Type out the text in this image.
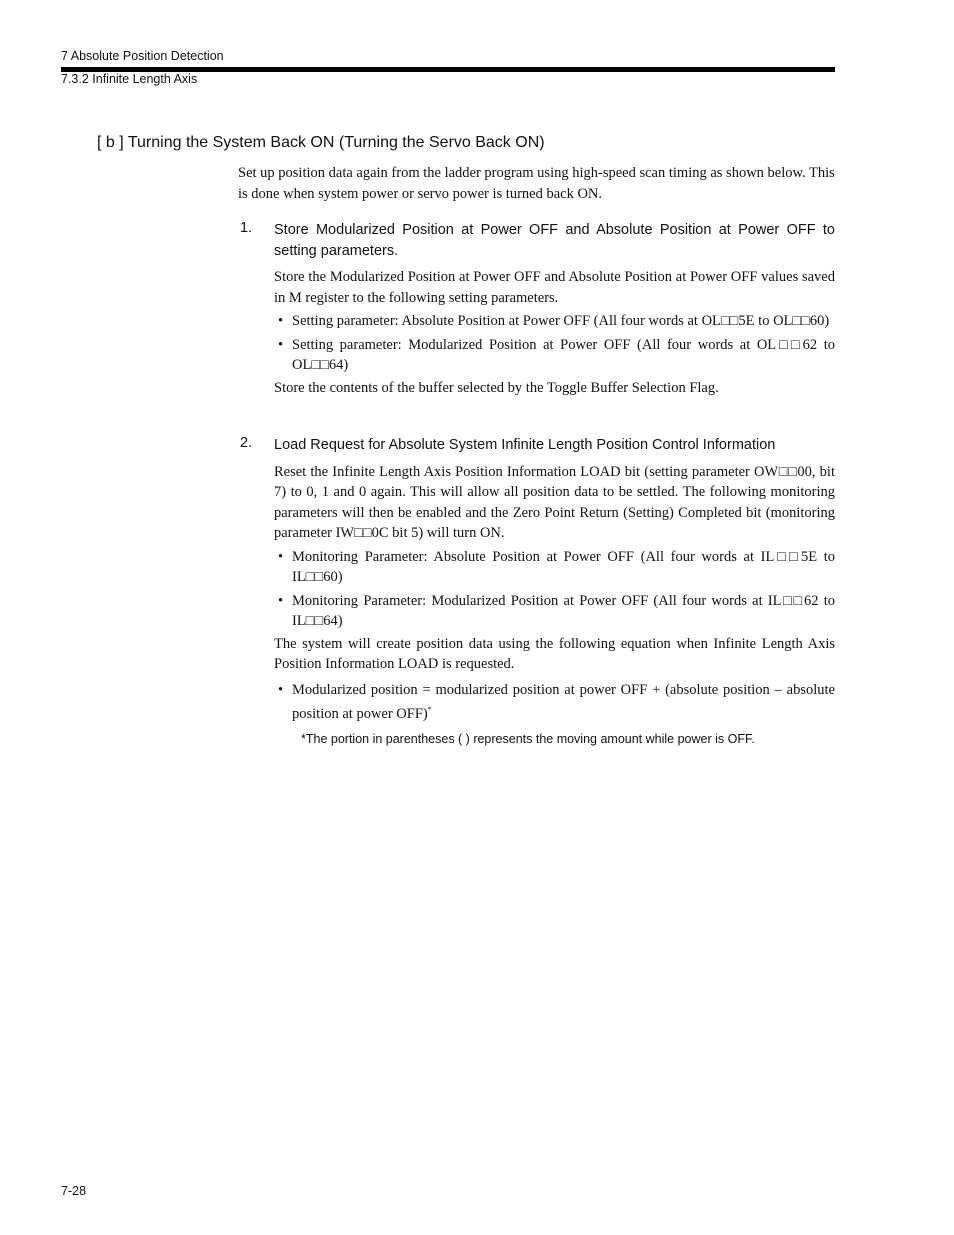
7 Absolute Position Detection
7.3.2 Infinite Length Axis
[ b ] Turning the System Back ON (Turning the Servo Back ON)
Set up position data again from the ladder program using high-speed scan timing as shown below. This is done when system power or servo power is turned back ON.
1. Store Modularized Position at Power OFF and Absolute Position at Power OFF to setting parameters.
Store the Modularized Position at Power OFF and Absolute Position at Power OFF values saved in M register to the following setting parameters.
• Setting parameter: Absolute Position at Power OFF (All four words at OL□□5E to OL□□60)
• Setting parameter: Modularized Position at Power OFF (All four words at OL□□62 to OL□□64)
Store the contents of the buffer selected by the Toggle Buffer Selection Flag.
2. Load Request for Absolute System Infinite Length Position Control Information
Reset the Infinite Length Axis Position Information LOAD bit (setting parameter OW□□00, bit 7) to 0, 1 and 0 again. This will allow all position data to be settled. The following monitoring parameters will then be enabled and the Zero Point Return (Setting) Completed bit (monitoring parameter IW□□0C bit 5) will turn ON.
• Monitoring Parameter: Absolute Position at Power OFF (All four words at IL□□5E to IL□□60)
• Monitoring Parameter: Modularized Position at Power OFF (All four words at IL□□62 to IL□□64)
The system will create position data using the following equation when Infinite Length Axis Position Information LOAD is requested.
• Modularized position = modularized position at power OFF + (absolute position – absolute position at power OFF)*
*The portion in parentheses ( ) represents the moving amount while power is OFF.
7-28
